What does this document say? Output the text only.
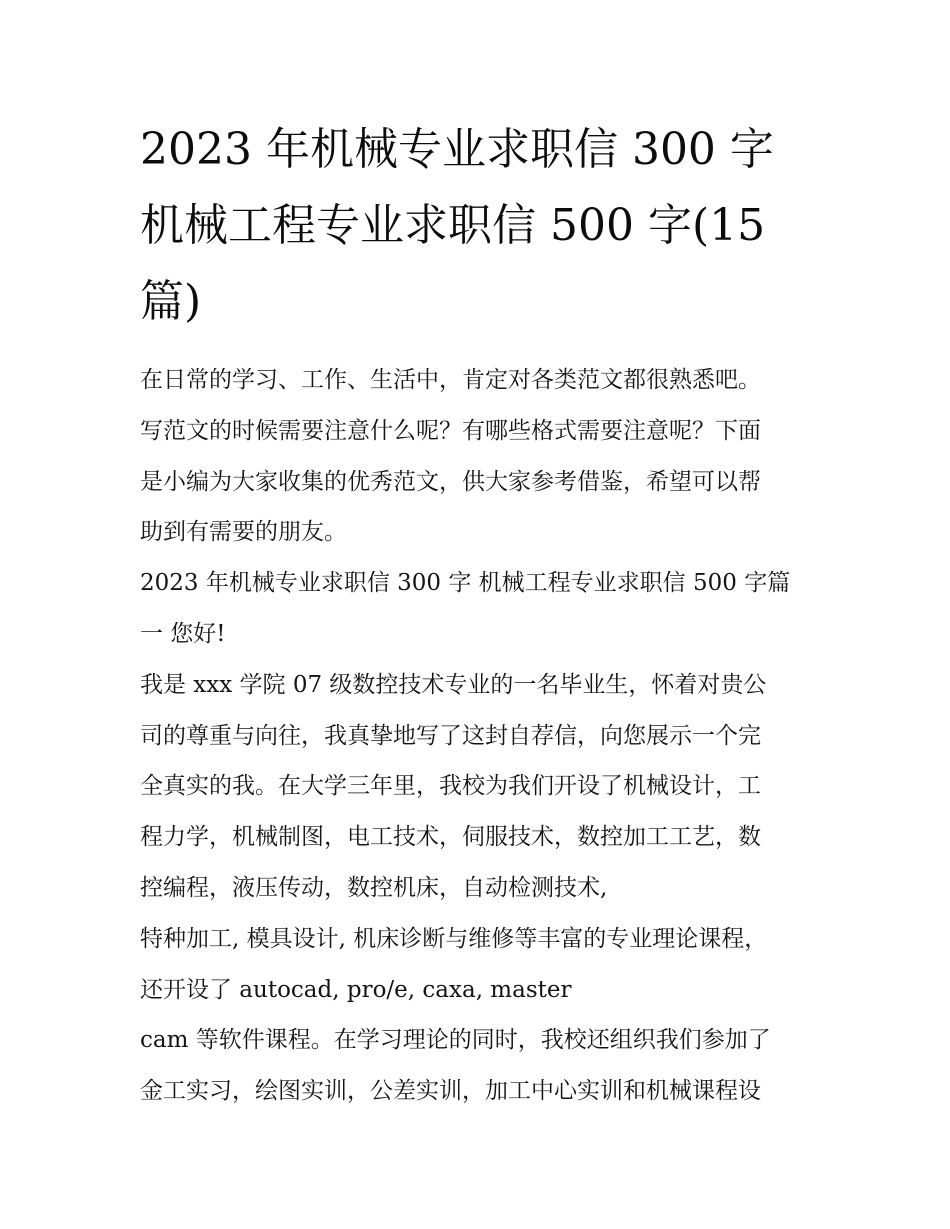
2023 年机械专业求职信 300 字
机械工程专业求职信 500 字(15
篇)
在日常的学习、工作、生活中，肯定对各类范文都很熟悉吧。
写范文的时候需要注意什么呢？有哪些格式需要注意呢？下面
是小编为大家收集的优秀范文，供大家参考借鉴，希望可以帮
助到有需要的朋友。
2023 年机械专业求职信 300 字 机械工程专业求职信 500 字篇
一 您好!
我是 xxx 学院 07 级数控技术专业的一名毕业生，怀着对贵公
司的尊重与向往，我真挚地写了这封自荐信，向您展示一个完
全真实的我。在大学三年里，我校为我们开设了机械设计，工
程力学，机械制图，电工技术，伺服技术，数控加工工艺，数
控编程，液压传动，数控机床，自动检测技术,
特种加工, 模具设计, 机床诊断与维修等丰富的专业理论课程，
还开设了 autocad, pro/e, caxa, master
cam 等软件课程。在学习理论的同时，我校还组织我们参加了
金工实习，绘图实训，公差实训，加工中心实训和机械课程设
